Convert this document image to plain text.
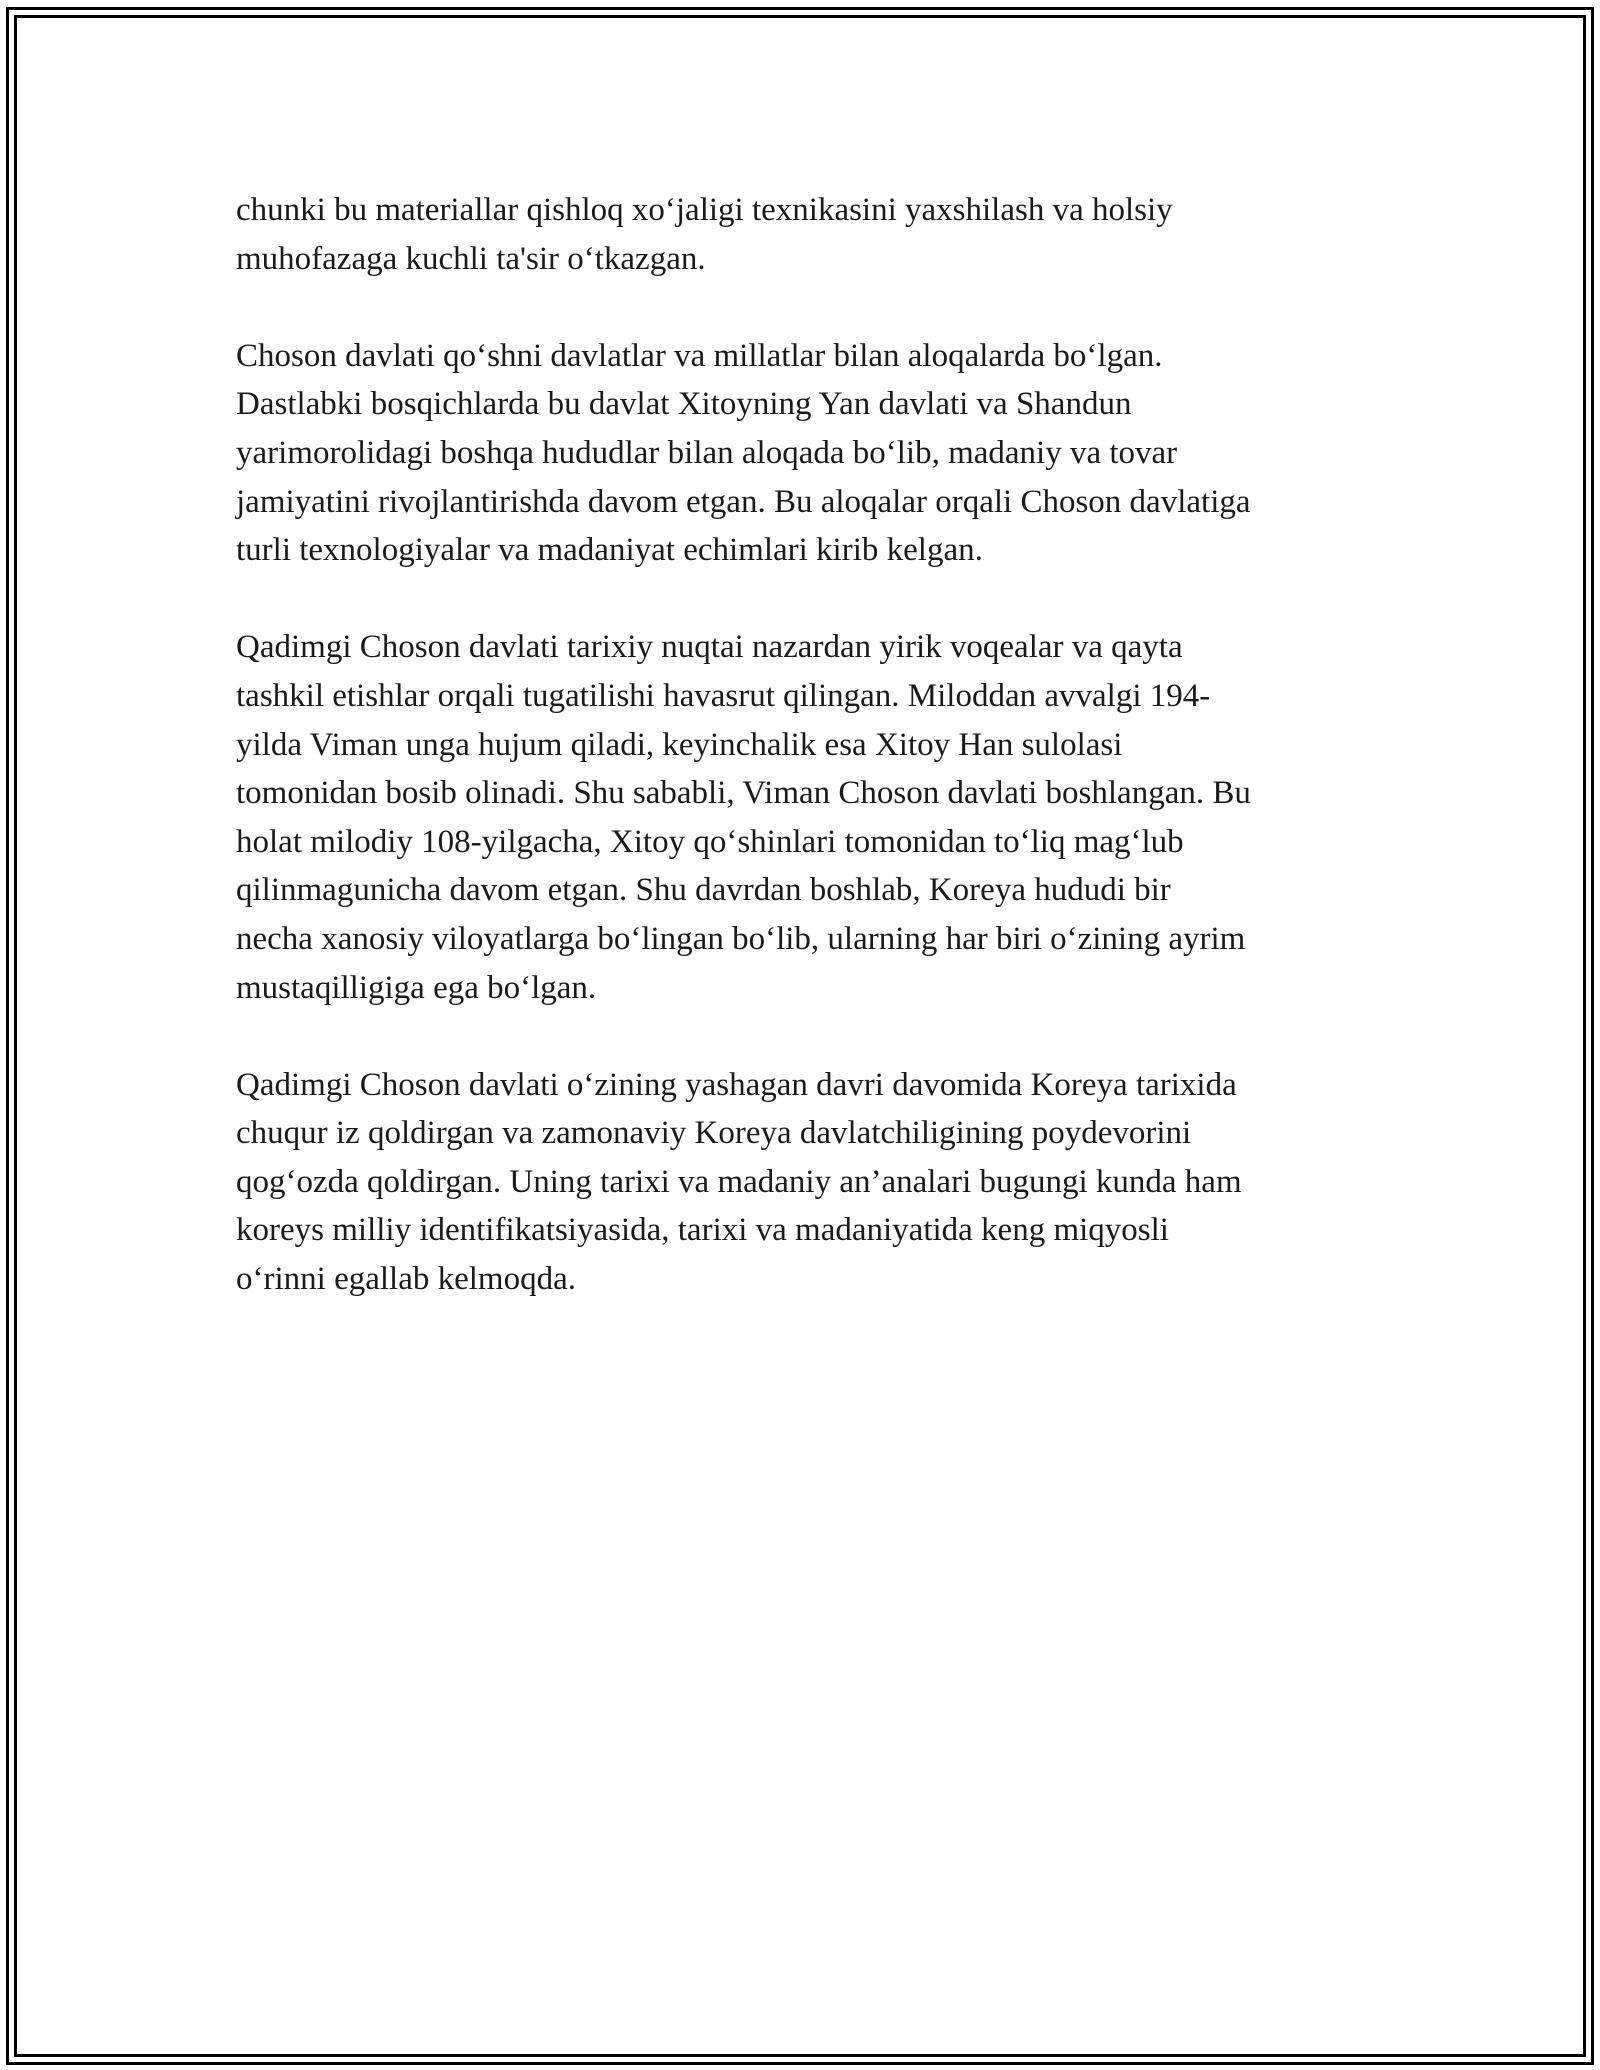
chunki bu materiallar qishloq xo‘jaligi texnikasini yaxshilash va holsiy
muhofazaga kuchli ta'sir o‘tkazgan.

Choson davlati qo‘shni davlatlar va millatlar bilan aloqalarda bo‘lgan.
Dastlabki bosqichlarda bu davlat Xitoyning Yan davlati va Shandun
yarimorolidagi boshqa hududlar bilan aloqada bo‘lib, madaniy va tovar
jamiyatini rivojlantirishda davom etgan. Bu aloqalar orqali Choson davlatiga
turli texnologiyalar va madaniyat echimlari kirib kelgan.

Qadimgi Choson davlati tarixiy nuqtai nazardan yirik voqealar va qayta
tashkil etishlar orqali tugatilishi havasrut qilingan. Miloddan avvalgi 194-
yilda Viman unga hujum qiladi, keyinchalik esa Xitoy Han sulolasi
tomonidan bosib olinadi. Shu sababli, Viman Choson davlati boshlangan. Bu
holat milodiy 108-yilgacha, Xitoy qo‘shinlari tomonidan to‘liq mag‘lub
qilinmagunicha davom etgan. Shu davrdan boshlab, Koreya hududi bir
necha xanosiy viloyatlarga bo‘lingan bo‘lib, ularning har biri o‘zining ayrim
mustaqilligiga ega bo‘lgan.

Qadimgi Choson davlati o‘zining yashagan davri davomida Koreya tarixida
chuqur iz qoldirgan va zamonaviy Koreya davlatchiligining poydevorini
qog‘ozda qoldirgan. Uning tarixi va madaniy an’analari bugungi kunda ham
koreys milliy identifikatsiyasida, tarixi va madaniyatida keng miqyosli
o‘rinni egallab kelmoqda.
